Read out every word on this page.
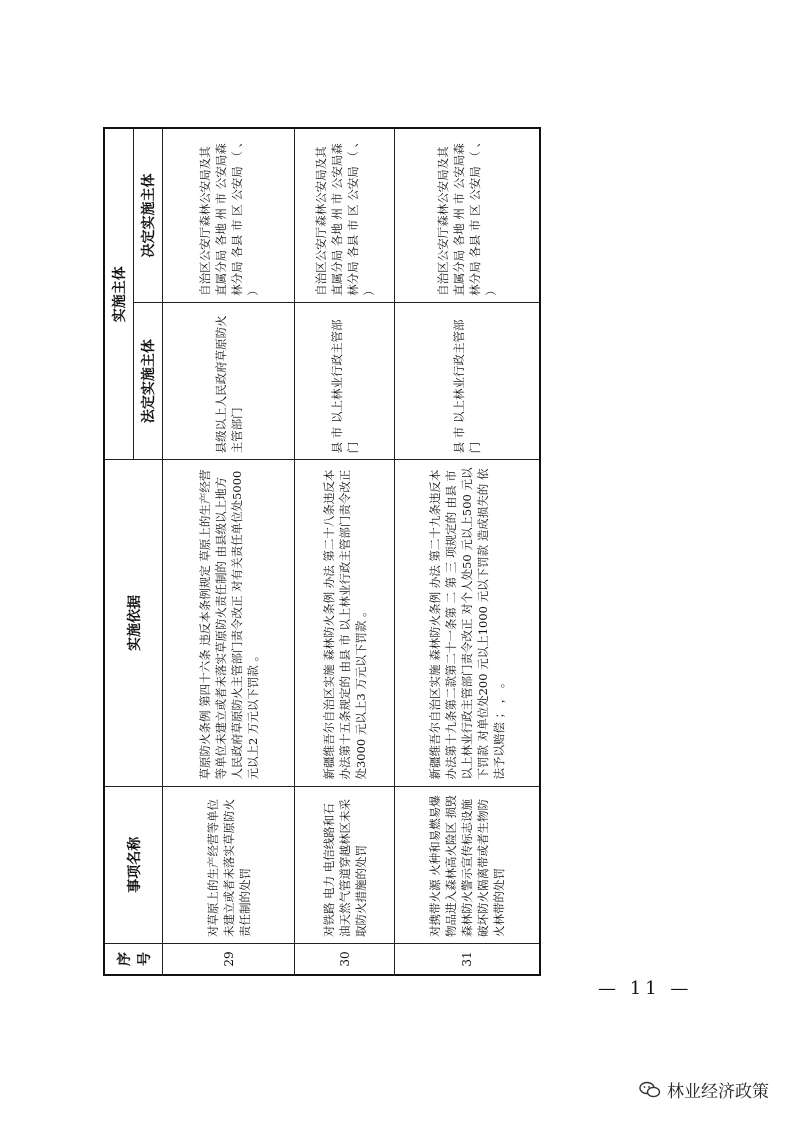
序号	事项名称	实施依据	实施主体	
			法定实施主体	决定实施主体
29	对草原上的生产经营等单位未建立或者未落实草原防火责任制的处罚	草原防火条例 第四十六条 违反本条例规定 草原上的生产经营等单位未建立或者未落实草原防火责任制的 由县级以上地方人民政府草原防火主管部门责令改正 对有关责任单位处5000 元以上2 万元以下罚款 。	县级以上人民政府草原防火主管部门	自治区公安厅森林公安局及其直属分局 各地 州 市 公安局森林分局 各县 市 区 公安局 （ 、 ）
30	对铁路 电力 电信线路和石油天然气管道穿越林区未采取防火措施的处罚	新疆维吾尔自治区实施 森林防火条例 办法 第二十八条违反本办法第十五条规定的 由县 市 以上林业行政主管部门责令改正 处3000 元以上3 万元以下罚款 。	县 市 以上林业行政主管部门	自治区公安厅森林公安局及其直属分局 各地 州 市 公安局森林分局 各县 市 区 公安局 （ 、 ）
31	对携带火源 火种和易燃易爆物品进入森林高火险区 损毁森林防火警示宣传标志设施 破坏防火隔离带或者生物防火林带的处罚	新疆维吾尔自治区实施 森林防火条例 办法 第二十九条违反本办法第十九条第二款第二十一条第 二 第 三 项规定的 由县 市 以上林业行政主管部门责令改正 对个人处50 元以上500 元以下罚款 对单位处200 元以上1000 元以下罚款 造成损失的 依法予以赔偿 ； ， 。	县 市 以上林业行政主管部门	自治区公安厅森林公安局及其直属分局 各地 州 市 公安局森林分局 各县 市 区 公安局 （ 、 ）
— 11 —
林业经济政策
